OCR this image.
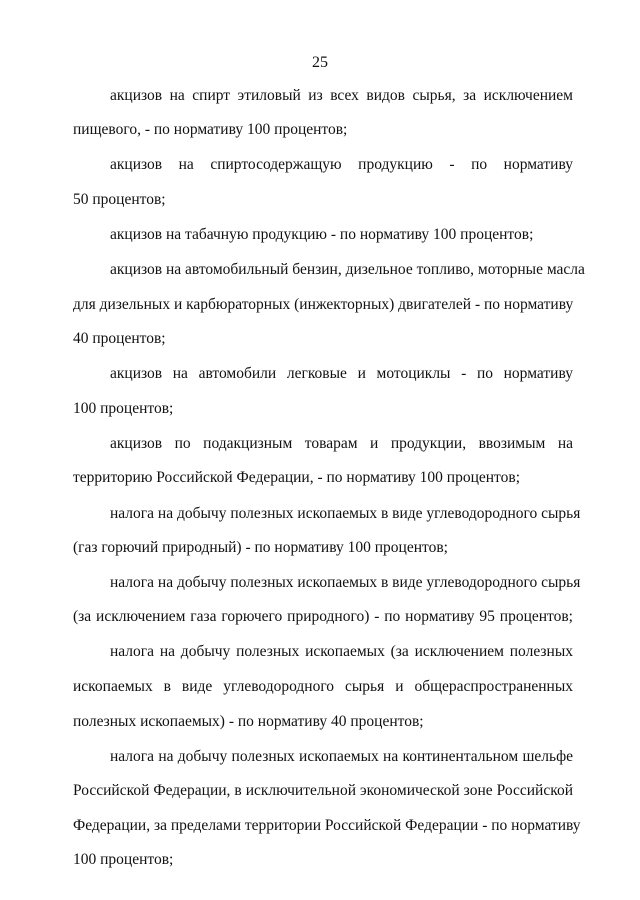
25
акцизов на спирт этиловый из всех видов сырья, за исключением
пищевого, - по нормативу 100 процентов;
акцизов на спиртосодержащую продукцию - по нормативу
50 процентов;
акцизов на табачную продукцию - по нормативу 100 процентов;
акцизов на автомобильный бензин, дизельное топливо, моторные масла
для дизельных и карбюраторных (инжекторных) двигателей - по нормативу
40 процентов;
акцизов на автомобили легковые и мотоциклы - по нормативу
100 процентов;
акцизов по подакцизным товарам и продукции, ввозимым на
территорию Российской Федерации, - по нормативу 100 процентов;
налога на добычу полезных ископаемых в виде углеводородного сырья
(газ горючий природный) - по нормативу 100 процентов;
налога на добычу полезных ископаемых в виде углеводородного сырья
(за исключением газа горючего природного) - по нормативу 95 процентов;
налога на добычу полезных ископаемых (за исключением полезных
ископаемых в виде углеводородного сырья и общераспространенных
полезных ископаемых) - по нормативу 40 процентов;
налога на добычу полезных ископаемых на континентальном шельфе
Российской Федерации, в исключительной экономической зоне Российской
Федерации, за пределами территории Российской Федерации - по нормативу
100 процентов;
